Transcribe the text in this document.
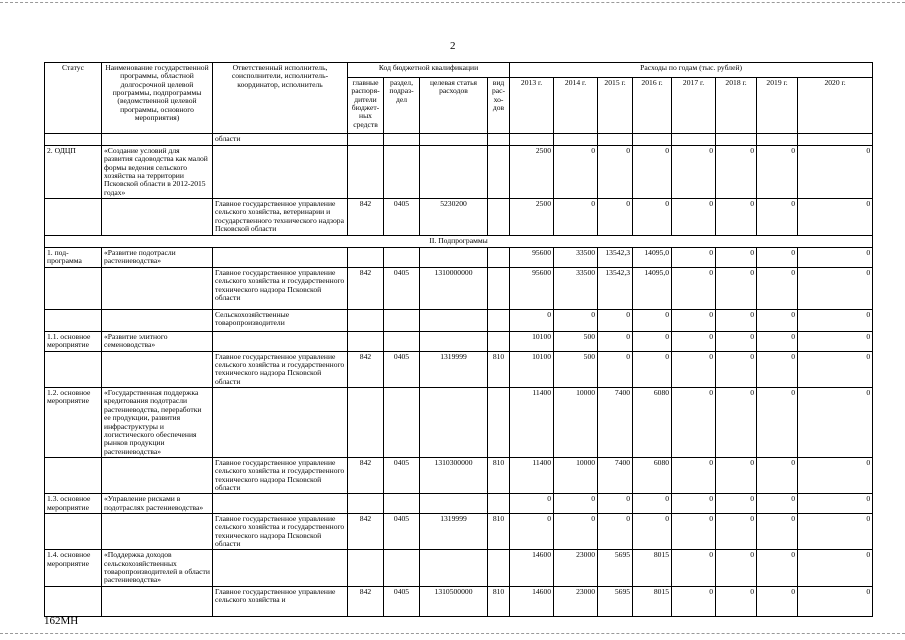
2
Статус	Наименование государственной программы, областной долгосрочной целевой программы, подпрограммы (ведомственной целевой программы, основного мероприятия)	Ответственный исполнитель, соисполнители, исполнитель-координатор, исполнитель	Код бюджетной квалификации				Расходы по годам (тыс. рублей)							
			главные распоря-дители бюджет-ных средств	раздел, подраз-дел	целевая статья расходов	вид рас-хо-дов	2013 г.	2014 г.	2015 г.	2016 г.	2017 г.	2018 г.	2019 г.	2020 г.
		области												
2. ОДЦП	«Создание условий для развития садоводства как малой формы ведения сельского хозяйства на территории Псковской области в 2012-2015 годах»						2500	0	0	0	0	0	0	0
		Главное государственное управление сельского хозяйства, ветеринарии и государственного технического надзора Псковской области	842	0405	5230200		2500	0	0	0	0	0	0	0
II. Подпрограммы														
1. под-программа	«Развитие подотрасли растениеводства»						95600	33500	13542,3	14095,0	0	0	0	0
		Главное государственное управление сельского хозяйства и государственного технического надзора Псковской области	842	0405	1310000000		95600	33500	13542,3	14095,0	0	0	0	0
		Сельскохозяйственные товаропроизводители					0	0	0	0	0	0	0	0
1.1. основное мероприятие	«Развитие элитного семеноводства»						10100	500	0	0	0	0	0	0
		Главное государственное управление сельского хозяйства и государственного технического надзора Псковской области	842	0405	1319999	810	10100	500	0	0	0	0	0	0
1.2. основное мероприятие	«Государственная поддержка кредитования подотрасли растениеводства, переработки ее продукции, развития инфраструктуры и логистического обеспечения рынков продукции растениеводства»						11400	10000	7400	6080	0	0	0	0
		Главное государственное управление сельского хозяйства и государственного технического надзора Псковской области	842	0405	1310300000	810	11400	10000	7400	6080	0	0	0	0
1.3. основное мероприятие	«Управление рисками в подотраслях растениеводства»						0	0	0	0	0	0	0	0
		Главное государственное управление сельского хозяйства и государственного технического надзора Псковской области	842	0405	1319999	810	0	0	0	0	0	0	0	0
1.4. основное мероприятие	«Поддержка доходов сельскохозяйственных товаропроизводителей в области растениеводства»						14600	23000	5695	8015	0	0	0	0
		Главное государственное управление сельского хозяйства и	842	0405	1310500000	810	14600	23000	5695	8015	0	0	0	0
162МН
